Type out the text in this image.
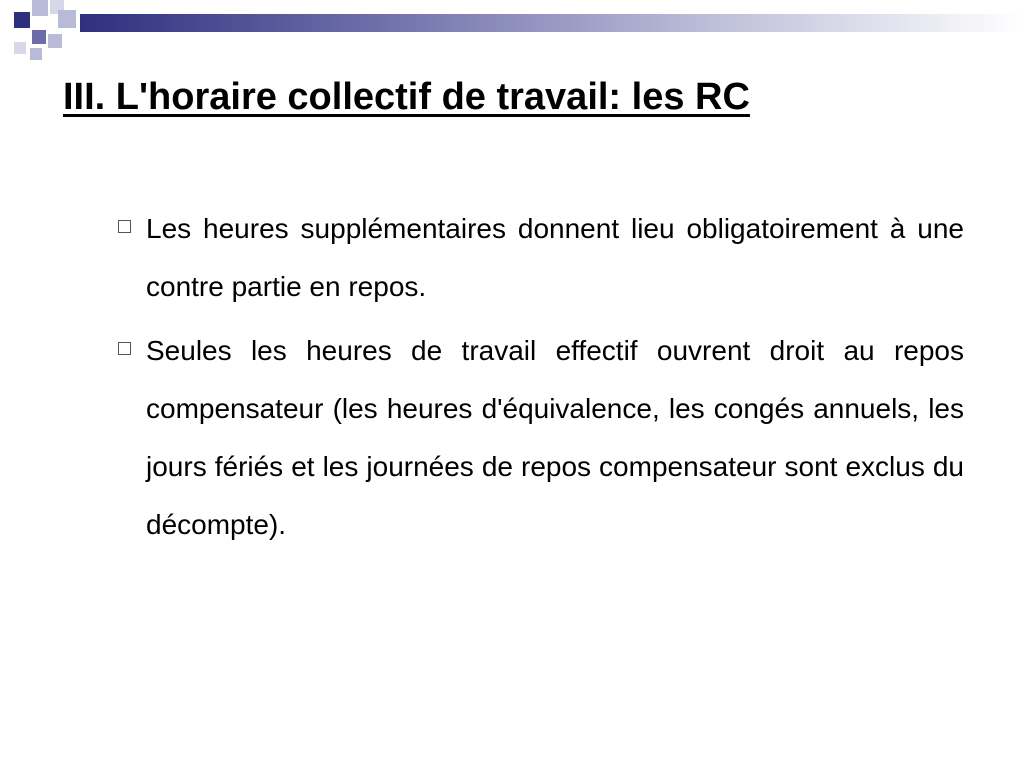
III. L'horaire collectif de travail: les RC
Les heures supplémentaires donnent lieu obligatoirement à une contre partie en repos.
Seules les heures de travail effectif ouvrent droit au repos compensateur (les heures d'équivalence, les congés annuels, les jours fériés et les journées de repos compensateur sont exclus du décompte).
